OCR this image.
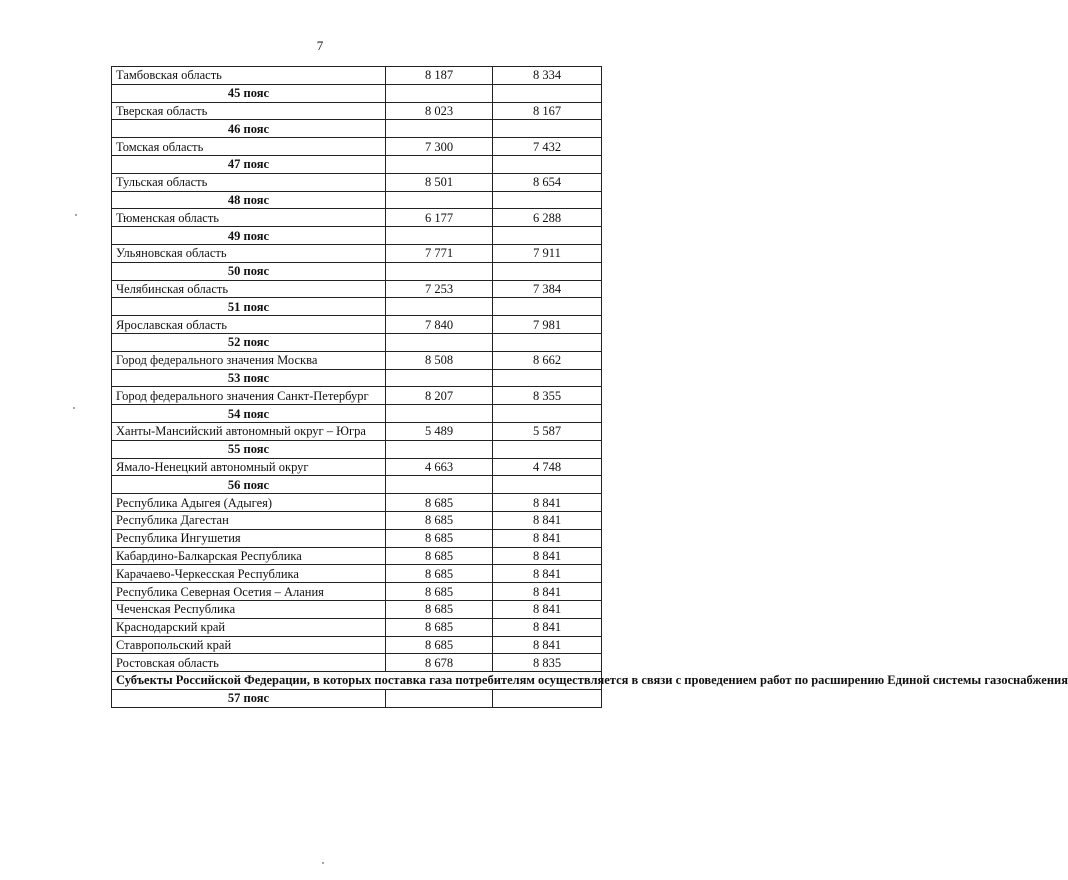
7
Тамбовская область	8 187	8 334
45 пояс		
Тверская область	8 023	8 167
46 пояс		
Томская область	7 300	7 432
47 пояс		
Тульская область	8 501	8 654
48 пояс		
Тюменская область	6 177	6 288
49 пояс		
Ульяновская область	7 771	7 911
50 пояс		
Челябинская область	7 253	7 384
51 пояс		
Ярославская область	7 840	7 981
52 пояс		
Город федерального значения Москва	8 508	8 662
53 пояс		
Город федерального значения Санкт-Петербург	8 207	8 355
54 пояс		
Ханты-Мансийский автономный округ – Югра	5 489	5 587
55 пояс		
Ямало-Ненецкий автономный округ	4 663	4 748
56 пояс		
Республика Адыгея (Адыгея)	8 685	8 841
Республика Дагестан	8 685	8 841
Республика Ингушетия	8 685	8 841
Кабардино-Балкарская Республика	8 685	8 841
Карачаево-Черкесская Республика	8 685	8 841
Республика Северная Осетия – Алания	8 685	8 841
Чеченская Республика	8 685	8 841
Краснодарский край	8 685	8 841
Ставропольский край	8 685	8 841
Ростовская область	8 678	8 835
Субъекты Российской Федерации, в которых поставка газа потребителям осуществляется в связи с проведением работ по расширению Единой системы газоснабжения		
57 пояс		
